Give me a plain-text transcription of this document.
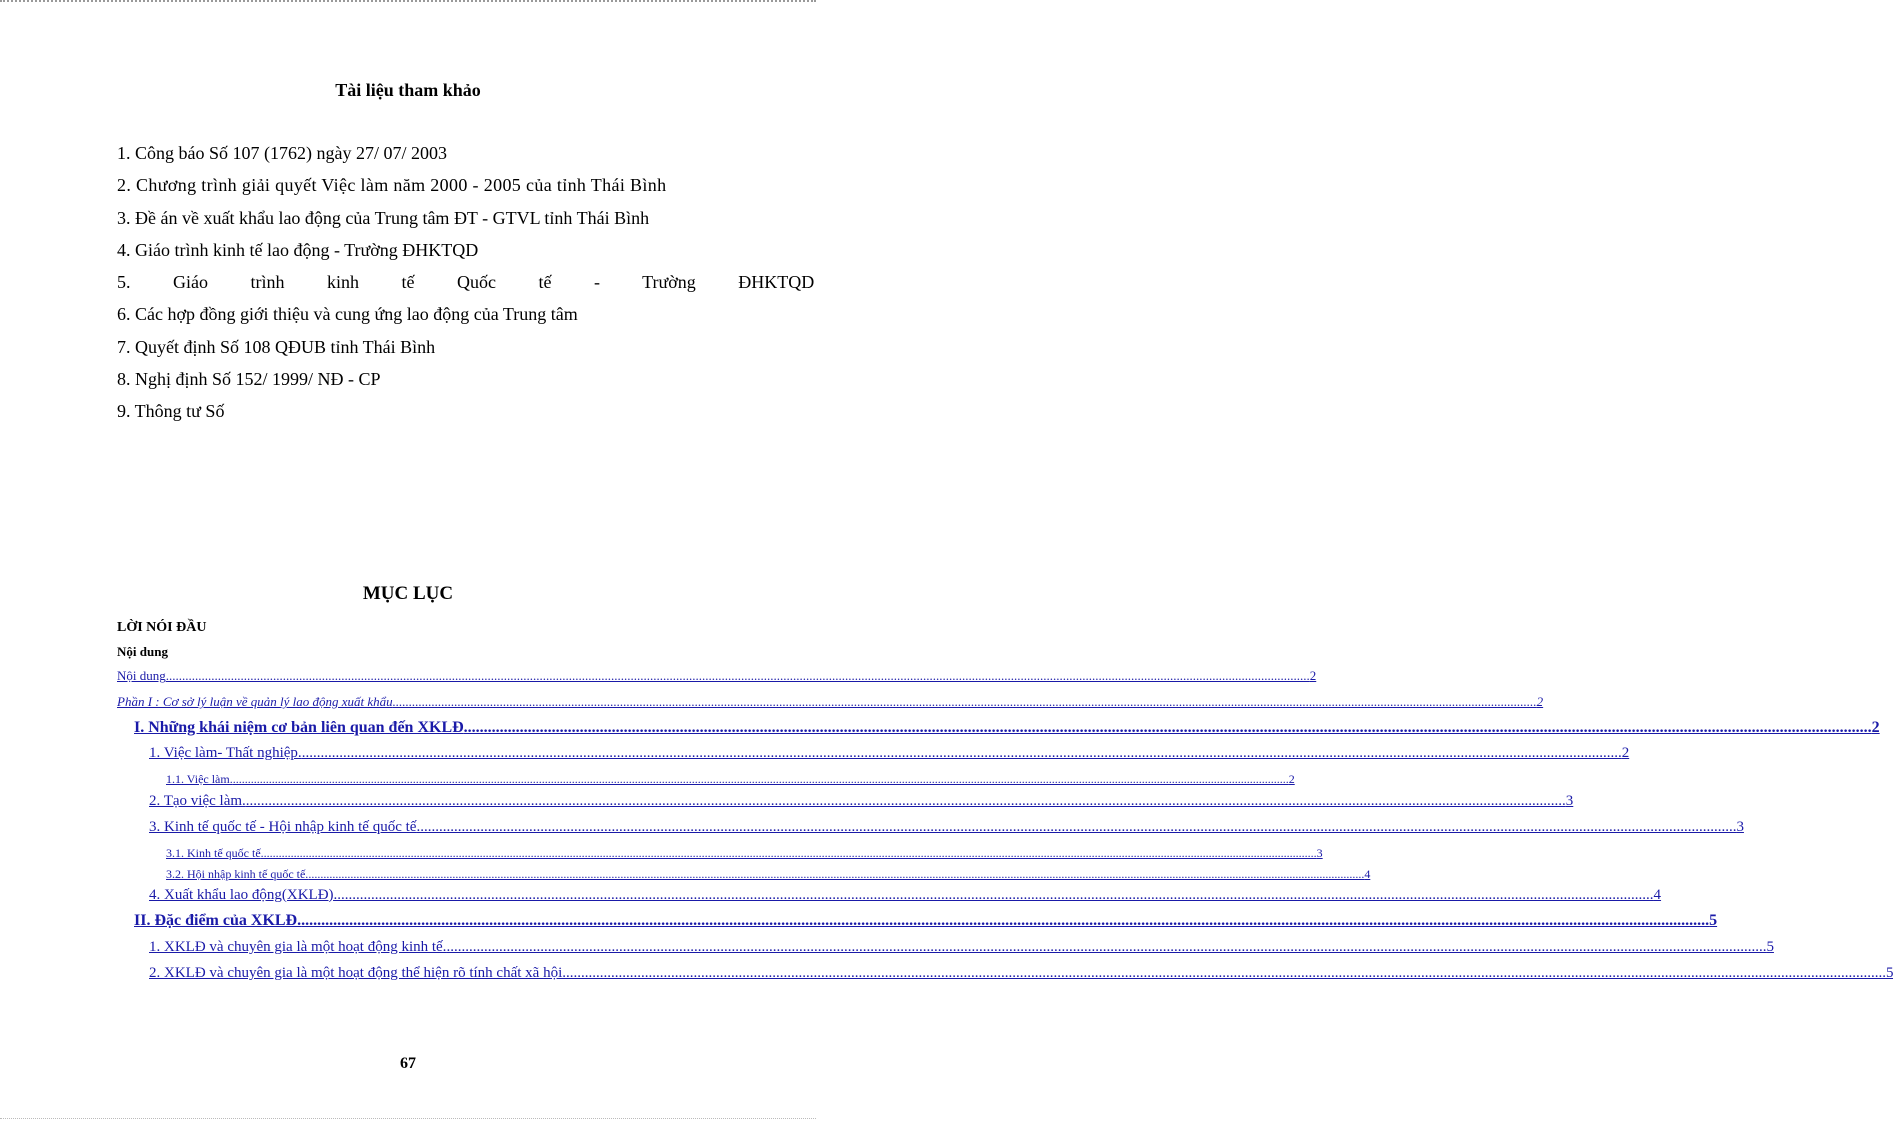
Tài liệu tham khảo
1. Công báo Số 107 (1762) ngày 27/ 07/ 2003
2. Chương trình giải quyết Việc làm năm 2000 - 2005 của tỉnh Thái Bình
3. Đề án về xuất khẩu lao động của Trung tâm ĐT - GTVL tỉnh Thái Bình
4. Giáo trình kinh tế lao động - Trường ĐHKTQD
5. Giáo trình kinh tế Quốc tế - Trường ĐHKTQD
6. Các hợp đồng giới thiệu và cung ứng lao động của Trung tâm
7. Quyết định Số 108 QĐUB tỉnh Thái Bình
8. Nghị định Số 152/ 1999/ NĐ - CP
9. Thông tư Số
MỤC LỤC
LỜI NÓI ĐẦU
Nội dung
Nội dung .....	2
Phần I : Cơ sở lý luận về quản lý lao động xuất khẩu .....	2
I. Những khái niệm cơ bản liên quan đến XKLĐ .....	2
1. Việc làm- Thất nghiệp. .....	2
1.1. Việc làm. .....	2
2. Tạo việc làm. .....	3
3. Kinh tế quốc tế - Hội nhập kinh tế quốc tế .....	3
3.1. Kinh tế quốc tế .....	3
3.2. Hội nhập kinh tế quốc tế. .....	4
4. Xuất khẩu lao động(XKLĐ) .....	4
II. Đặc điểm của XKLĐ. .....	5
1. XKLĐ và chuyên gia là một hoạt động kinh tế. .....	5
2. XKLĐ và chuyên gia là một hoạt động thể hiện rõ tính chất xã hội. .....	5
67
